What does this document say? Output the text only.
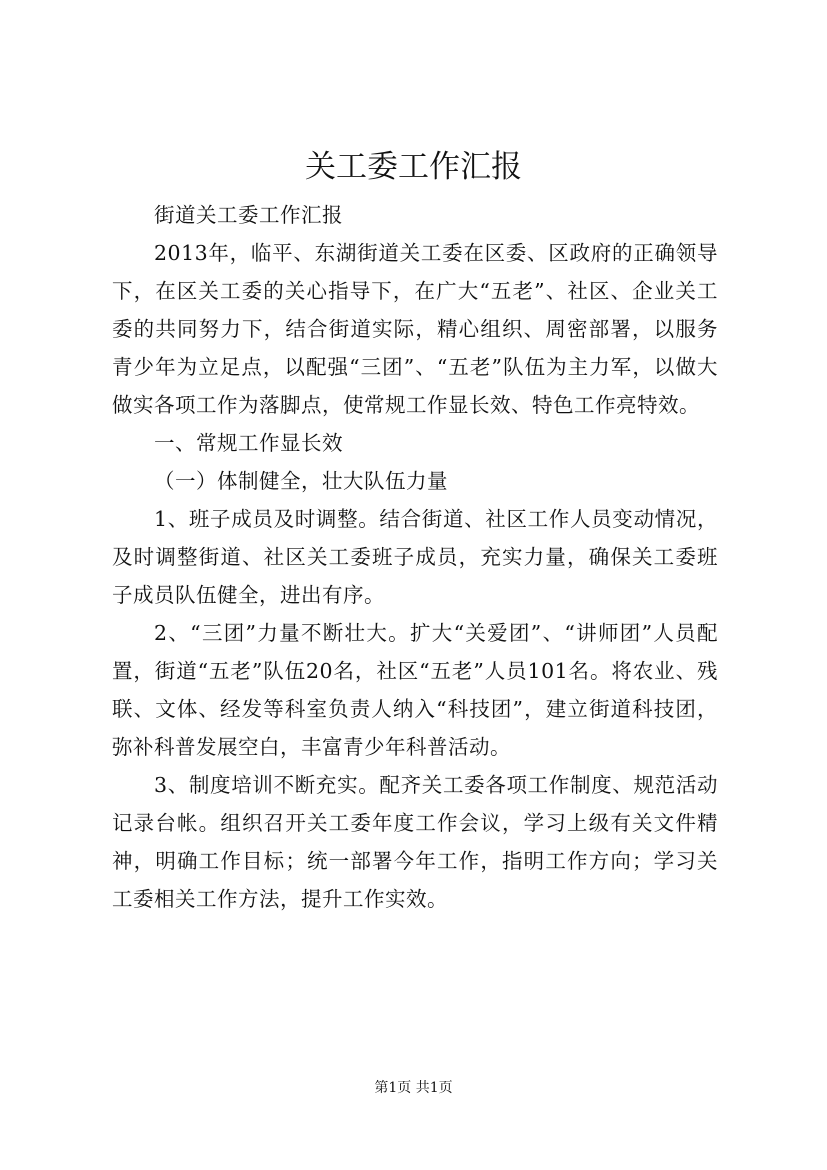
关工委工作汇报

街道关工委工作汇报

2013年，临平、东湖街道关工委在区委、区政府的正确领导下，在区关工委的关心指导下，在广大“五老”、社区、企业关工委的共同努力下，结合街道实际，精心组织、周密部署，以服务青少年为立足点，以配强“三团”、“五老”队伍为主力军，以做大做实各项工作为落脚点，使常规工作显长效、特色工作亮特效。

一、常规工作显长效

（一）体制健全，壮大队伍力量

1、班子成员及时调整。结合街道、社区工作人员变动情况，及时调整街道、社区关工委班子成员，充实力量，确保关工委班子成员队伍健全，进出有序。

2、“三团”力量不断壮大。扩大“关爱团”、“讲师团”人员配置，街道“五老”队伍20名，社区“五老”人员101名。将农业、残联、文体、经发等科室负责人纳入“科技团”，建立街道科技团，弥补科普发展空白，丰富青少年科普活动。

3、制度培训不断充实。配齐关工委各项工作制度、规范活动记录台帐。组织召开关工委年度工作会议，学习上级有关文件精神，明确工作目标；统一部署今年工作，指明工作方向；学习关工委相关工作方法，提升工作实效。

第1页 共1页
